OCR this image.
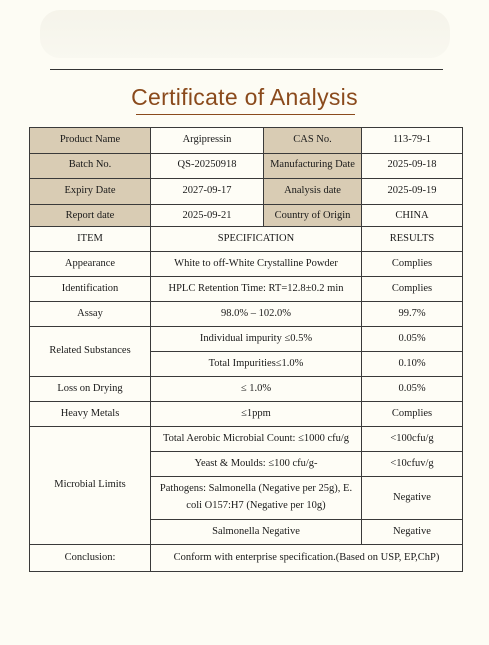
Certificate of Analysis
Product Name	Argipressin	CAS No.	113-79-1
Batch No.	QS-20250918	Manufacturing Date	2025-09-18
Expiry Date	2027-09-17	Analysis date	2025-09-19
Report date	2025-09-21	Country of Origin	CHINA
ITEM	SPECIFICATION	RESULTS
Appearance	White to off-White Crystalline Powder	Complies
Identification	HPLC Retention Time: RT=12.8±0.2 min	Complies
Assay	98.0% – 102.0%	99.7%
Related Substances	Individual impurity ≤0.5%	0.05%
	Total Impurities≤1.0%	0.10%
Loss on Drying	≤ 1.0%	0.05%
Heavy Metals	≤1ppm	Complies
Microbial Limits	Total Aerobic Microbial Count: ≤1000 cfu/g	<100cfu/g
	Yeast & Moulds: ≤100 cfu/g-	<10cfuv/g
	Pathogens: Salmonella (Negative per 25g), E. coli O157:H7 (Negative per 10g)	Negative
	Salmonella Negative	Negative
Conclusion:	Conform with enterprise specification.(Based on USP, EP,ChP)	
